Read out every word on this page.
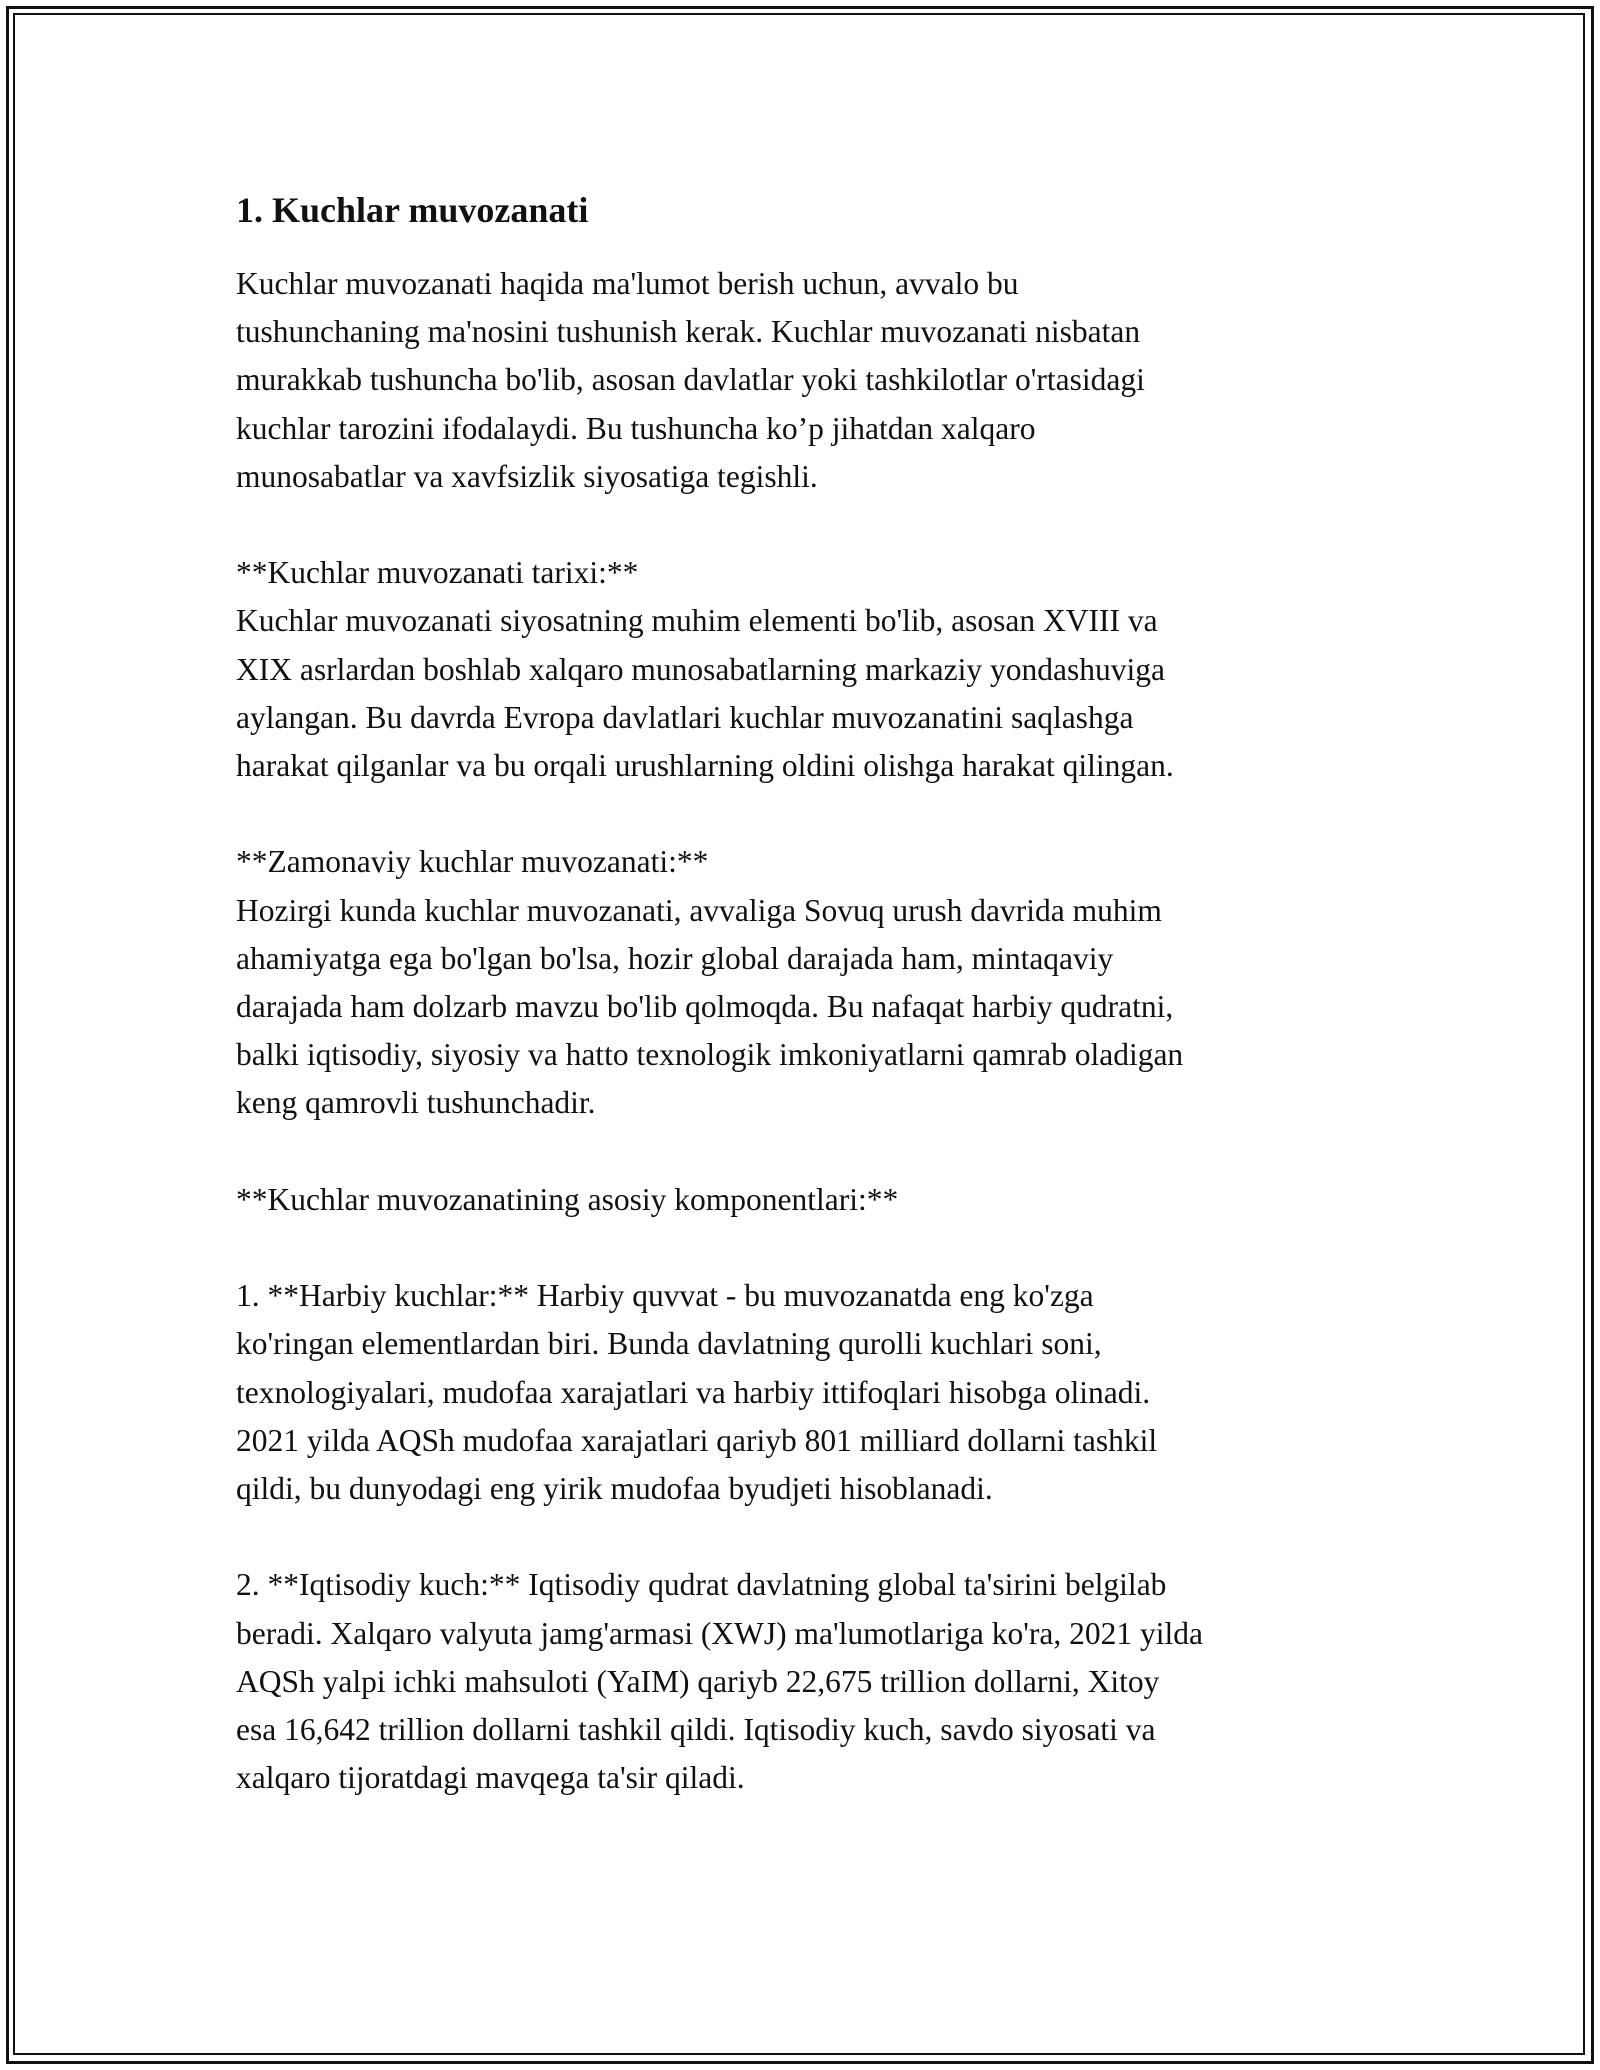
1. Kuchlar muvozanati

Kuchlar muvozanati haqida ma'lumot berish uchun, avvalo bu
tushunchaning ma'nosini tushunish kerak. Kuchlar muvozanati nisbatan
murakkab tushuncha bo'lib, asosan davlatlar yoki tashkilotlar o'rtasidagi
kuchlar tarozini ifodalaydi. Bu tushuncha ko’p jihatdan xalqaro
munosabatlar va xavfsizlik siyosatiga tegishli.

**Kuchlar muvozanati tarixi:**

Kuchlar muvozanati siyosatning muhim elementi bo'lib, asosan XVIII va
XIX asrlardan boshlab xalqaro munosabatlarning markaziy yondashuviga
aylangan. Bu davrda Evropa davlatlari kuchlar muvozanatini saqlashga
harakat qilganlar va bu orqali urushlarning oldini olishga harakat qilingan.

**Zamonaviy kuchlar muvozanati:**

Hozirgi kunda kuchlar muvozanati, avvaliga Sovuq urush davrida muhim
ahamiyatga ega bo'lgan bo'lsa, hozir global darajada ham, mintaqaviy
darajada ham dolzarb mavzu bo'lib qolmoqda. Bu nafaqat harbiy qudratni,
balki iqtisodiy, siyosiy va hatto texnologik imkoniyatlarni qamrab oladigan
keng qamrovli tushunchadir.

**Kuchlar muvozanatining asosiy komponentlari:**

1. **Harbiy kuchlar:** Harbiy quvvat - bu muvozanatda eng ko'zga
ko'ringan elementlardan biri. Bunda davlatning qurolli kuchlari soni,
texnologiyalari, mudofaa xarajatlari va harbiy ittifoqlari hisobga olinadi.
2021 yilda AQSh mudofaa xarajatlari qariyb 801 milliard dollarni tashkil
qildi, bu dunyodagi eng yirik mudofaa byudjeti hisoblanadi.

2. **Iqtisodiy kuch:** Iqtisodiy qudrat davlatning global ta'sirini belgilab
beradi. Xalqaro valyuta jamg'armasi (XWJ) ma'lumotlariga ko'ra, 2021 yilda
AQSh yalpi ichki mahsuloti (YaIM) qariyb 22,675 trillion dollarni, Xitoy
esa 16,642 trillion dollarni tashkil qildi. Iqtisodiy kuch, savdo siyosati va
xalqaro tijoratdagi mavqega ta'sir qiladi.
